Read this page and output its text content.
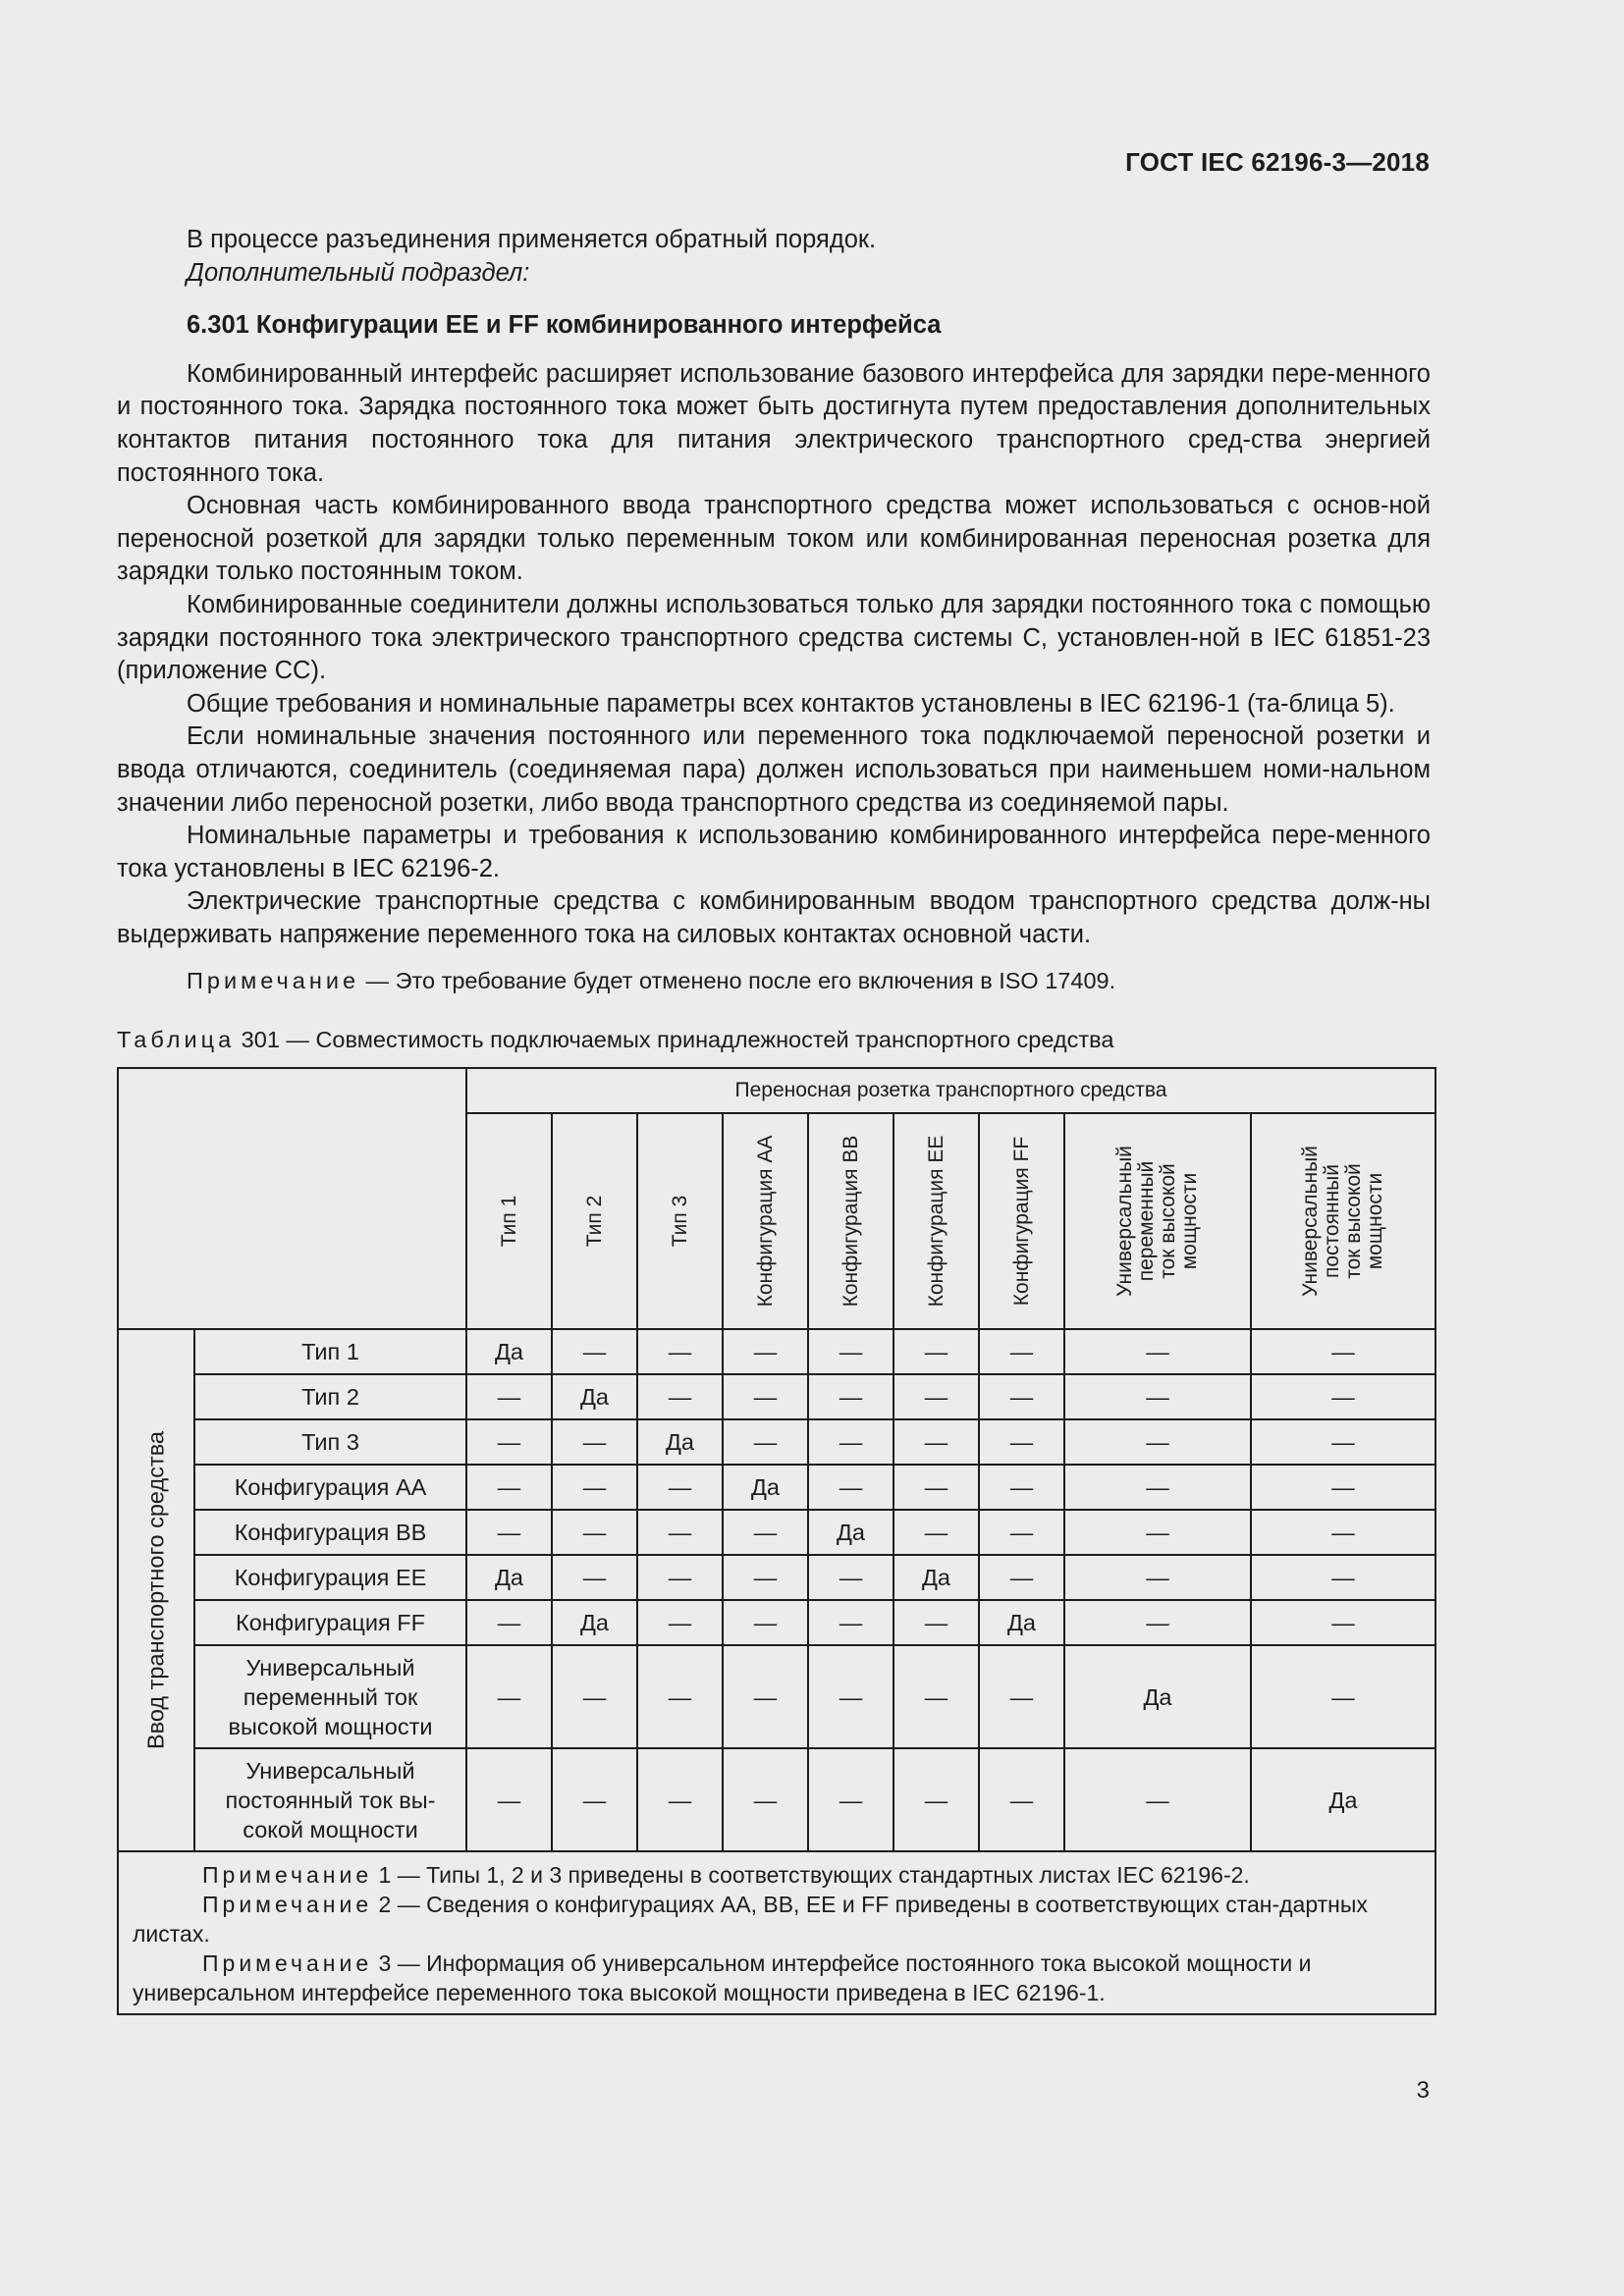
ГОСТ IEC 62196-3—2018

В процессе разъединения применяется обратный порядок.

Дополнительный подраздел:

6.301 Конфигурации EE и FF комбинированного интерфейса

Комбинированный интерфейс расширяет использование базового интерфейса для зарядки пере-менного и постоянного тока. Зарядка постоянного тока может быть достигнута путем предоставления дополнительных контактов питания постоянного тока для питания электрического транспортного сред-ства энергией постоянного тока.

Основная часть комбинированного ввода транспортного средства может использоваться с основ-ной переносной розеткой для зарядки только переменным током или комбинированная переносная розетка для зарядки только постоянным током.

Комбинированные соединители должны использоваться только для зарядки постоянного тока с помощью зарядки постоянного тока электрического транспортного средства системы С, установлен-ной в IEC 61851-23 (приложение СС).

Общие требования и номинальные параметры всех контактов установлены в IEC 62196-1 (та-блица 5).

Если номинальные значения постоянного или переменного тока подключаемой переносной розетки и ввода отличаются, соединитель (соединяемая пара) должен использоваться при наименьшем номи-нальном значении либо переносной розетки, либо ввода транспортного средства из соединяемой пары.

Номинальные параметры и требования к использованию комбинированного интерфейса пере-менного тока установлены в IEC 62196-2.

Электрические транспортные средства с комбинированным вводом транспортного средства долж-ны выдерживать напряжение переменного тока на силовых контактах основной части.

Примечание — Это требование будет отменено после его включения в ISO 17409.

Таблица 301 — Совместимость подключаемых принадлежностей транспортного средства

		Переносная розетка транспортного средства								

		Тип 1	Тип 2	Тип 3	Конфигурация АА	Конфигурация ВВ	Конфигурация ЕЕ	Конфигурация FF	Универсальный
переменный
ток высокой
мощности	Универсальный
постоянный
ток высокой
мощности

Ввод транспортного средства	Тип 1	Да	—	—	—	—	—	—	—	—
	Тип 2	—	Да	—	—	—	—	—	—	—
	Тип 3	—	—	Да	—	—	—	—	—	—
	Конфигурация АА	—	—	—	Да	—	—	—	—	—
	Конфигурация ВВ	—	—	—	—	Да	—	—	—	—
	Конфигурация ЕЕ	Да	—	—	—	—	Да	—	—	—
	Конфигурация FF	—	Да	—	—	—	—	Да	—	—
	Универсальный
переменный ток
высокой мощности	—	—	—	—	—	—	—	Да	—
	Универсальный
постоянный ток вы-
сокой мощности	—	—	—	—	—	—	—	—	Да

Примечание 1 — Типы 1, 2 и 3 приведены в соответствующих стандартных листах IEC 62196-2.
Примечание 2 — Сведения о конфигурациях АА, ВВ, ЕЕ и FF приведены в соответствующих стан-дартных листах.
Примечание 3 — Информация об универсальном интерфейсе постоянного тока высокой мощности и универсальном интерфейсе переменного тока высокой мощности приведена в IEC 62196-1.										
3
